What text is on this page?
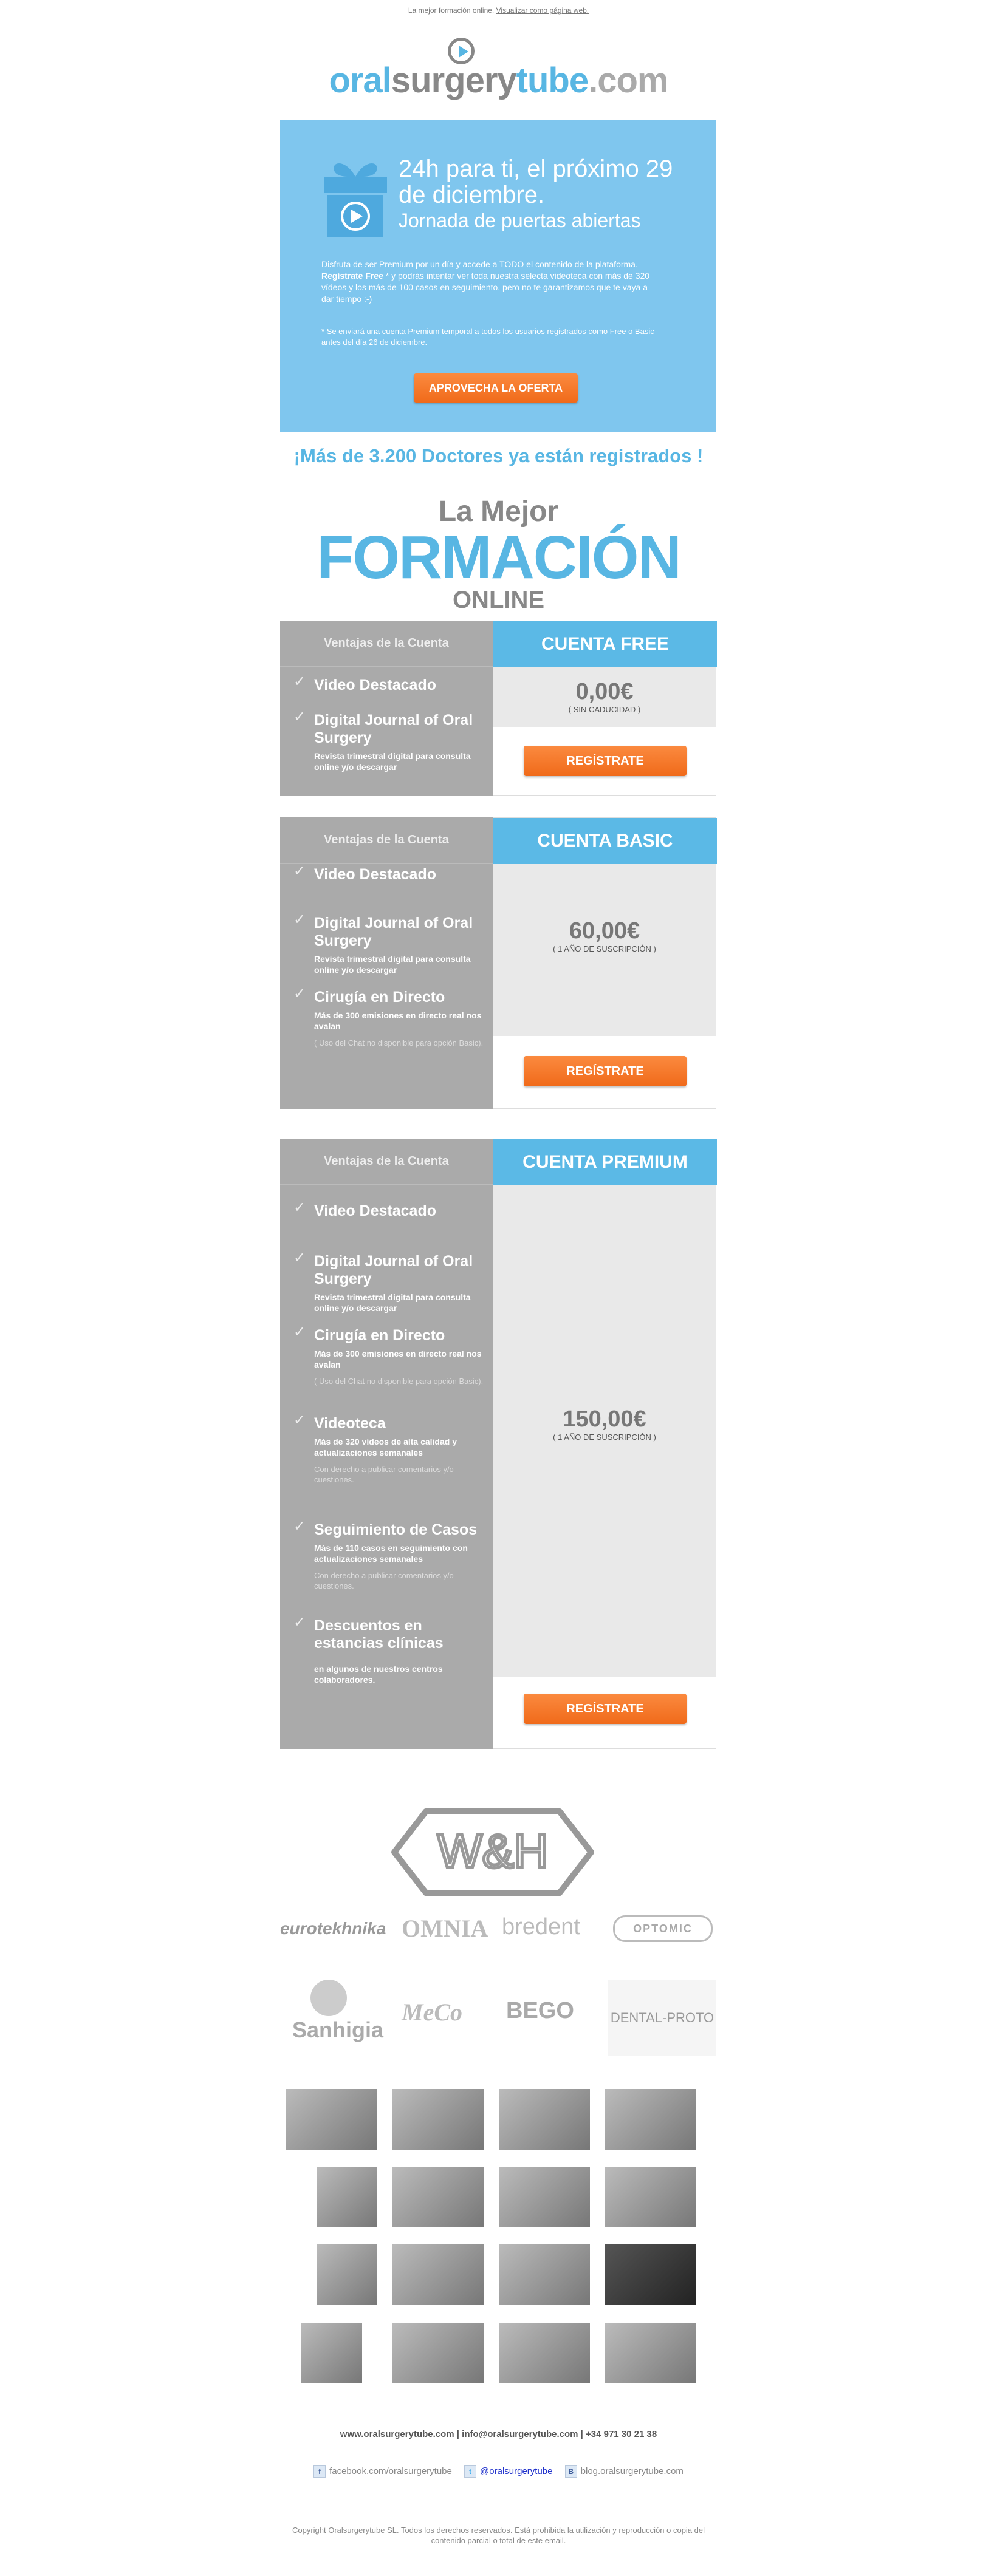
La mejor formación online. Visualizar como página web.
oralsurgerytube.com
24h para ti, el próximo 29 de diciembre.
Jornada de puertas abiertas
Disfruta de ser Premium por un día y accede a TODO el contenido de la plataforma.
Regístrate Free * y podrás intentar ver toda nuestra selecta videoteca con más de 320 vídeos y los más de 100 casos en seguimiento, pero no te garantizamos que te vaya a dar tiempo :-)
* Se enviará una cuenta Premium temporal a todos los usuarios registrados como Free o Basic antes del día 26 de diciembre.
APROVECHA LA OFERTA
¡Más de 3.200 Doctores ya están registrados !
La Mejor
FORMACIÓN
ONLINE
Ventajas de la Cuenta
✓ Video Destacado
✓ Digital Journal of Oral Surgery
Revista trimestral digital para consulta online y/o descargar
CUENTA FREE
0,00€
( SIN CADUCIDAD )
REGÍSTRATE
Ventajas de la Cuenta
✓ Video Destacado
✓ Digital Journal of Oral Surgery
Revista trimestral digital para consulta online y/o descargar
✓ Cirugía en Directo
Más de 300 emisiones en directo real nos avalan
( Uso del Chat no disponible para opción Basic).
CUENTA BASIC
60,00€
( 1 AÑO DE SUSCRIPCIÓN )
REGÍSTRATE
Ventajas de la Cuenta
✓ Video Destacado
✓ Digital Journal of Oral Surgery
Revista trimestral digital para consulta online y/o descargar
✓ Cirugía en Directo
Más de 300 emisiones en directo real nos avalan
( Uso del Chat no disponible para opción Basic).
✓ Videoteca
Más de 320 vídeos de alta calidad y actualizaciones semanales
Con derecho a publicar comentarios y/o cuestiones.
✓ Seguimiento de Casos
Más de 110 casos en seguimiento con actualizaciones semanales
Con derecho a publicar comentarios y/o cuestiones.
✓ Descuentos en estancias clínicas
en algunos de nuestros centros colaboradores.
CUENTA PREMIUM
150,00€
( 1 AÑO DE SUSCRIPCIÓN )
REGÍSTRATE
W&H
eurotekhnika OMNIA bredent	OPTOMIC
Sanhigia
MeCo BEGO	DENTAL-PROTO
www.oralsurgerytube.com | info@oralsurgerytube.com | +34 971 30 21 38
f facebook.com/oralsurgerytube t @oralsurgerytube B blog.oralsurgerytube.com
Copyright Oralsurgerytube SL. Todos los derechos reservados. Está prohibida la utilización y reproducción o copia del contenido parcial o total de este email.
